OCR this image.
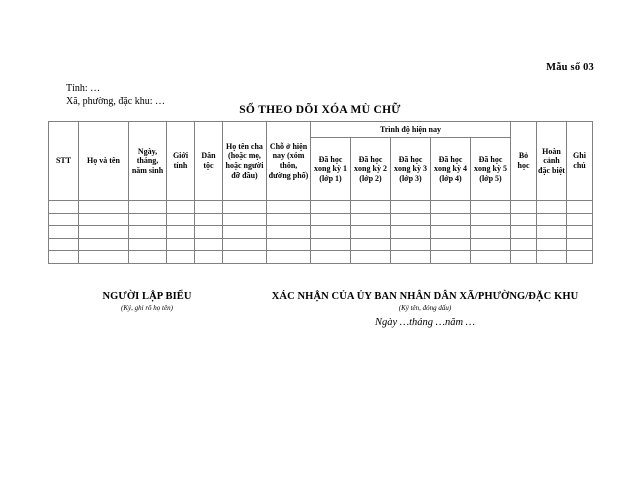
Mẫu số 03
Tỉnh: …
Xã, phường, đặc khu: …
SỔ THEO DÕI XÓA MÙ CHỮ
STT	Họ và tên	Ngày, tháng, năm sinh	Giới tính	Dân tộc	Họ tên cha (hoặc mẹ, hoặc người đỡ đầu)	Chỗ ở hiện nay (xóm thôn, đường phố)	Trình độ hiện nay					Bỏ học	Hoàn cảnh đặc biệt	Ghi chú
							Đã học xong kỳ 1 (lớp 1)	Đã học xong kỳ 2 (lớp 2)	Đã học xong kỳ 3 (lớp 3)	Đã học xong kỳ 4 (lớp 4)	Đã học xong kỳ 5 (lớp 5)			

NGƯỜI LẬP BIỂU
(Ký, ghi rõ họ tên)
XÁC NHẬN CỦA ỦY BAN NHÂN DÂN XÃ/PHƯỜNG/ĐẶC KHU
(Ký tên, đóng dấu)
Ngày …tháng …năm …
